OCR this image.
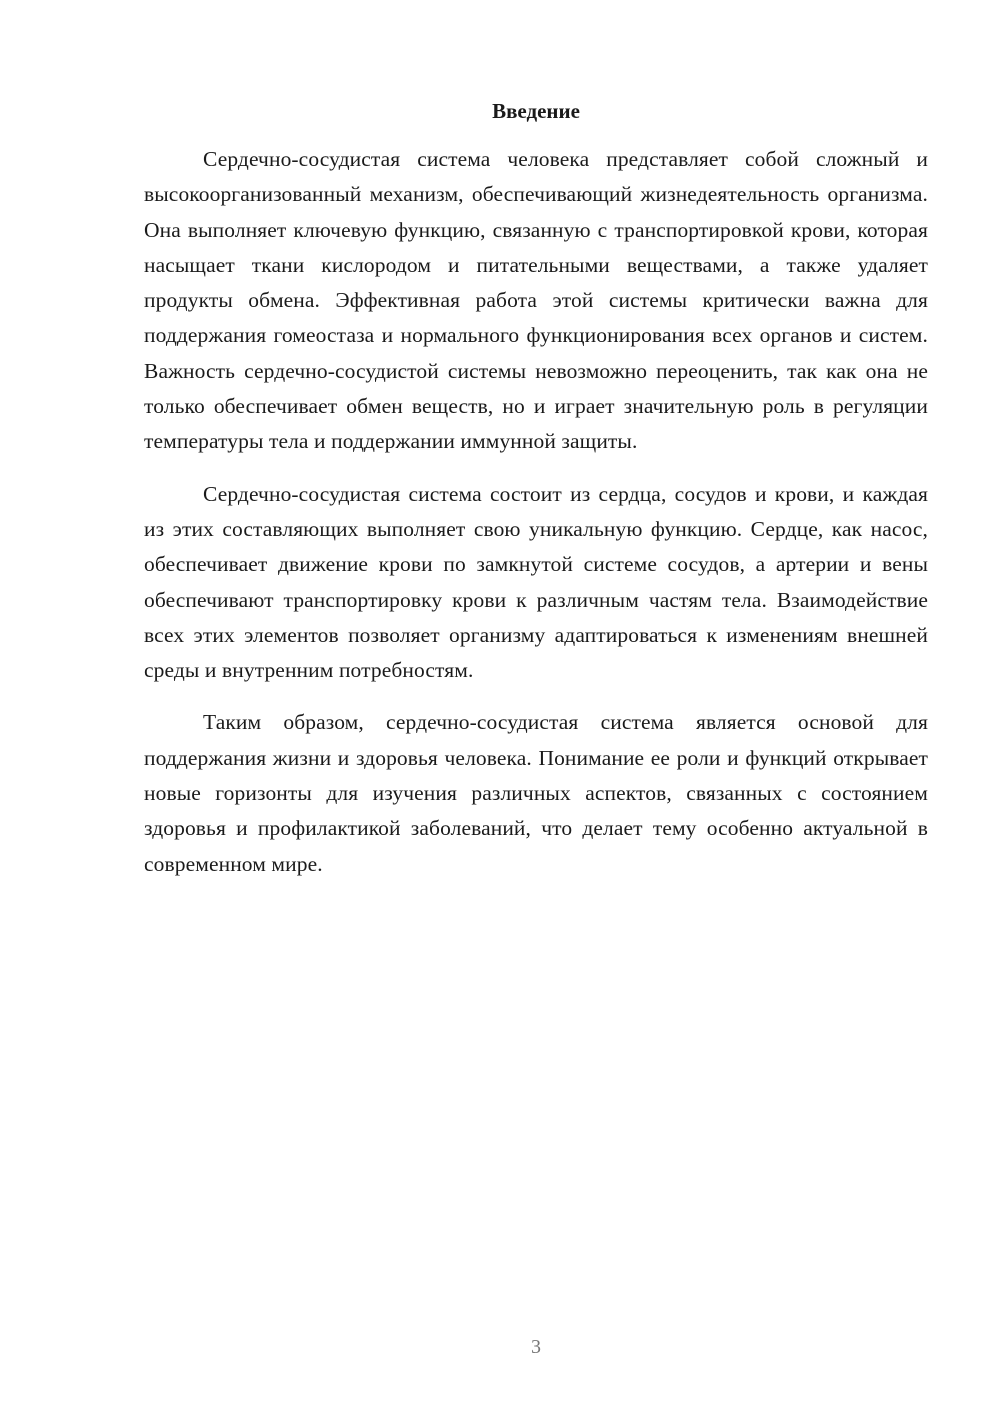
Введение

Сердечно-сосудистая система человека представляет собой сложный и высокоорганизованный механизм, обеспечивающий жизнедеятельность организма. Она выполняет ключевую функцию, связанную с транспортировкой крови, которая насыщает ткани кислородом и питательными веществами, а также удаляет продукты обмена. Эффективная работа этой системы критически важна для поддержания гомеостаза и нормального функционирования всех органов и систем. Важность сердечно-сосудистой системы невозможно переоценить, так как она не только обеспечивает обмен веществ, но и играет значительную роль в регуляции температуры тела и поддержании иммунной защиты.

Сердечно-сосудистая система состоит из сердца, сосудов и крови, и каждая из этих составляющих выполняет свою уникальную функцию. Сердце, как насос, обеспечивает движение крови по замкнутой системе сосудов, а артерии и вены обеспечивают транспортировку крови к различным частям тела. Взаимодействие всех этих элементов позволяет организму адаптироваться к изменениям внешней среды и внутренним потребностям.

Таким образом, сердечно-сосудистая система является основой для поддержания жизни и здоровья человека. Понимание ее роли и функций открывает новые горизонты для изучения различных аспектов, связанных с состоянием здоровья и профилактикой заболеваний, что делает тему особенно актуальной в современном мире.

3
